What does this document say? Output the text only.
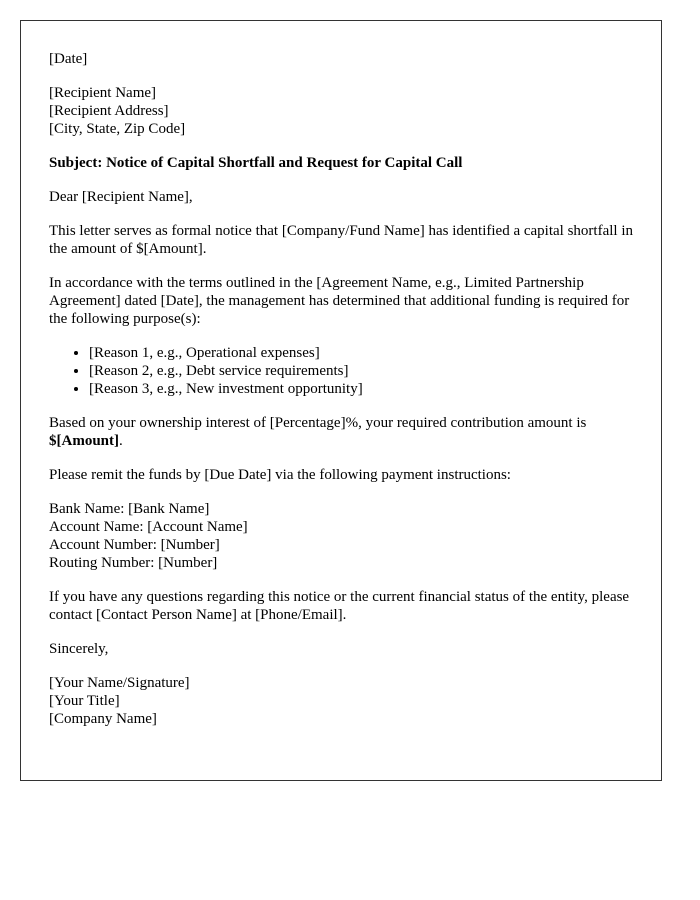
[Date]
[Recipient Name]
[Recipient Address]
[City, State, Zip Code]

Subject: Notice of Capital Shortfall and Request for Capital Call

Dear [Recipient Name],

This letter serves as formal notice that [Company/Fund Name] has identified a capital shortfall in the amount of $[Amount].

In accordance with the terms outlined in the [Agreement Name, e.g., Limited Partnership Agreement] dated [Date], the management has determined that additional funding is required for the following purpose(s):

• [Reason 1, e.g., Operational expenses]
• [Reason 2, e.g., Debt service requirements]
• [Reason 3, e.g., New investment opportunity]

Based on your ownership interest of [Percentage]%, your required contribution amount is $[Amount].

Please remit the funds by [Due Date] via the following payment instructions:

Bank Name: [Bank Name]
Account Name: [Account Name]
Account Number: [Number]
Routing Number: [Number]

If you have any questions regarding this notice or the current financial status of the entity, please contact [Contact Person Name] at [Phone/Email].

Sincerely,

[Your Name/Signature]
[Your Title]
[Company Name]
